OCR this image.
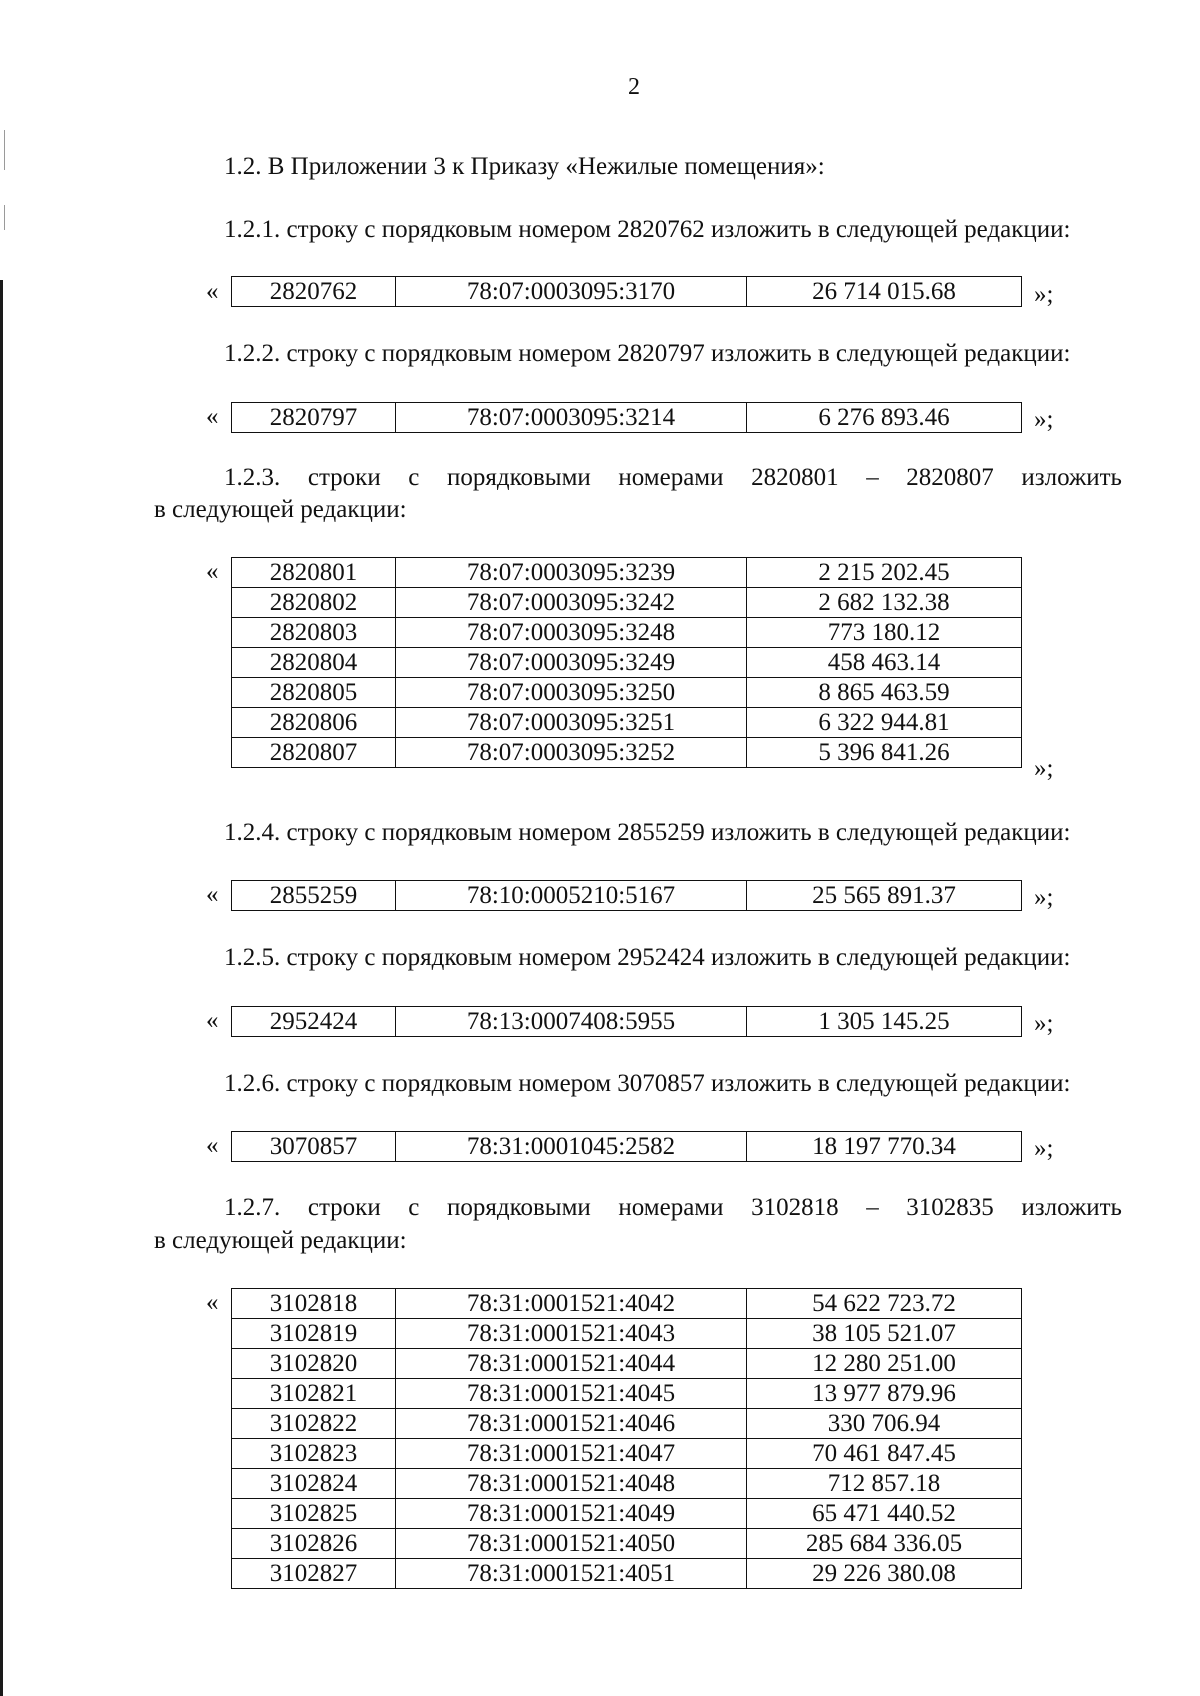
2
1.2. В Приложении 3 к Приказу «Нежилые помещения»:
1.2.1. строку с порядковым номером 2820762 изложить в следующей редакции:
« 2820762	78:07:0003095:3170	26 714 015.68	»;
1.2.2. строку с порядковым номером 2820797 изложить в следующей редакции:
« 2820797	78:07:0003095:3214	6 276 893.46	»;
1.2.3. строки с порядковыми номерами 2820801 – 2820807 изложить
в следующей редакции:
« 2820801	78:07:0003095:3239	2 215 202.45
2820802	78:07:0003095:3242	2 682 132.38
2820803	78:07:0003095:3248	773 180.12
2820804	78:07:0003095:3249	458 463.14
2820805	78:07:0003095:3250	8 865 463.59
2820806	78:07:0003095:3251	6 322 944.81
2820807	78:07:0003095:3252	5 396 841.26
»;
1.2.4. строку с порядковым номером 2855259 изложить в следующей редакции:
« 2855259	78:10:0005210:5167	25 565 891.37	»;
1.2.5. строку с порядковым номером 2952424 изложить в следующей редакции:
« 2952424	78:13:0007408:5955	1 305 145.25	»;
1.2.6. строку с порядковым номером 3070857 изложить в следующей редакции:
« 3070857	78:31:0001045:2582	18 197 770.34	»;
1.2.7. строки с порядковыми номерами 3102818 – 3102835 изложить
в следующей редакции:
« 3102818	78:31:0001521:4042	54 622 723.72
3102819	78:31:0001521:4043	38 105 521.07
3102820	78:31:0001521:4044	12 280 251.00
3102821	78:31:0001521:4045	13 977 879.96
3102822	78:31:0001521:4046	330 706.94
3102823	78:31:0001521:4047	70 461 847.45
3102824	78:31:0001521:4048	712 857.18
3102825	78:31:0001521:4049	65 471 440.52
3102826	78:31:0001521:4050	285 684 336.05
3102827	78:31:0001521:4051	29 226 380.08
